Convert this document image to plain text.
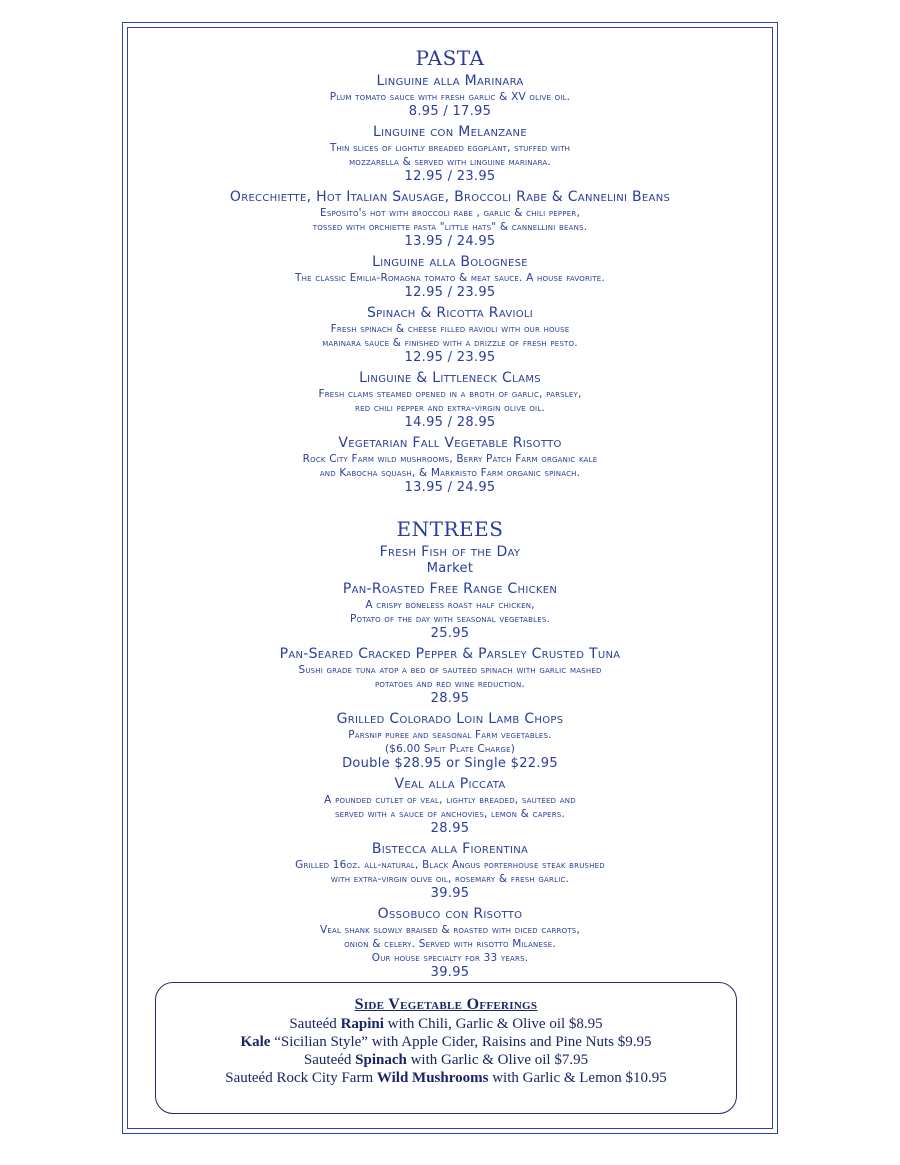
PASTA
Linguine alla Marinara
Plum tomato sauce with fresh garlic & XV olive oil.
8.95 / 17.95
Linguine con Melanzane
Thin slices of lightly breaded eggplant, stuffed with
mozzarella & served with linguine marinara.
12.95 / 23.95
Orecchiette, Hot Italian Sausage, Broccoli Rabe & Cannelini Beans
Esposito's hot with broccoli rabe , garlic & chili pepper,
tossed with orchiette pasta "little hats" & cannellini beans.
13.95 / 24.95
Linguine alla Bolognese
The classic Emilia-Romagna tomato & meat sauce. A house favorite.
12.95 / 23.95
Spinach & Ricotta Ravioli
Fresh spinach & cheese filled ravioli with our house
marinara sauce & finished with a drizzle of fresh pesto.
12.95 / 23.95
Linguine & Littleneck Clams
Fresh clams steamed opened in a broth of garlic, parsley,
red chili pepper and extra-virgin olive oil.
14.95 / 28.95
Vegetarian Fall Vegetable Risotto
Rock City Farm wild mushrooms, Berry Patch Farm organic kale
and Kabocha squash, & Markristo Farm organic spinach.
13.95 / 24.95
ENTREES
Fresh Fish of the Day
Market
Pan-Roasted Free Range Chicken
A crispy boneless roast half chicken,
Potato of the day with seasonal vegetables.
25.95
Pan-Seared Cracked Pepper & Parsley Crusted Tuna
Sushi grade tuna atop a bed of sauteéd spinach with garlic mashed
potatoes and red wine reduction.
28.95
Grilled Colorado Loin Lamb Chops
Parsnip puree and seasonal Farm vegetables.
($6.00 Split Plate Charge)
Double $28.95 or Single $22.95
Veal alla Piccata
A pounded cutlet of veal, lightly breaded, sautéed and
served with a sauce of anchovies, lemon & capers.
28.95
Bistecca alla Fiorentina
Grilled 16oz. all-natural, Black Angus porterhouse steak brushed
with extra-virgin olive oil, rosemary & fresh garlic.
39.95
Ossobuco con Risotto
Veal shank slowly braised & roasted with diced carrots,
onion & celery. Served with risotto Milanese.
Our house specialty for 33 years.
39.95
Side Vegetable Offerings
Sauteéd Rapini with Chili, Garlic & Olive oil $8.95
Kale “Sicilian Style” with Apple Cider, Raisins and Pine Nuts $9.95
Sauteéd Spinach with Garlic & Olive oil $7.95
Sauteéd Rock City Farm Wild Mushrooms with Garlic & Lemon $10.95
